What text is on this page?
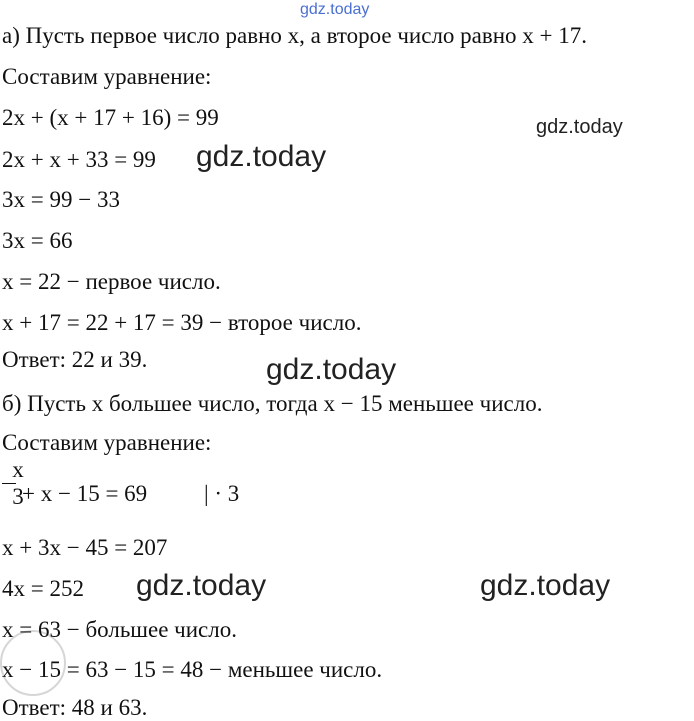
gdz.today
gdz.today
gdz.today
gdz.today
gdz.today	gdz.today
а) Пусть первое число равно x, а второе число равно x + 17.
Составим уравнение:
2x + (x + 17 + 16) = 99
2x + x + 33 = 99
3x = 99 − 33
3x = 66
x = 22 − первое число.
x + 17 = 22 + 17 = 39 − второе число.
Ответ: 22 и 39.
б) Пусть x большее число, тогда x − 15 меньшее число.
Составим уравнение:
x
3
+ x − 15 = 69 | · 3
x + 3x − 45 = 207
4x = 252
x = 63 − большее число.
x − 15 = 63 − 15 = 48 − меньшее число.
Ответ: 48 и 63.
